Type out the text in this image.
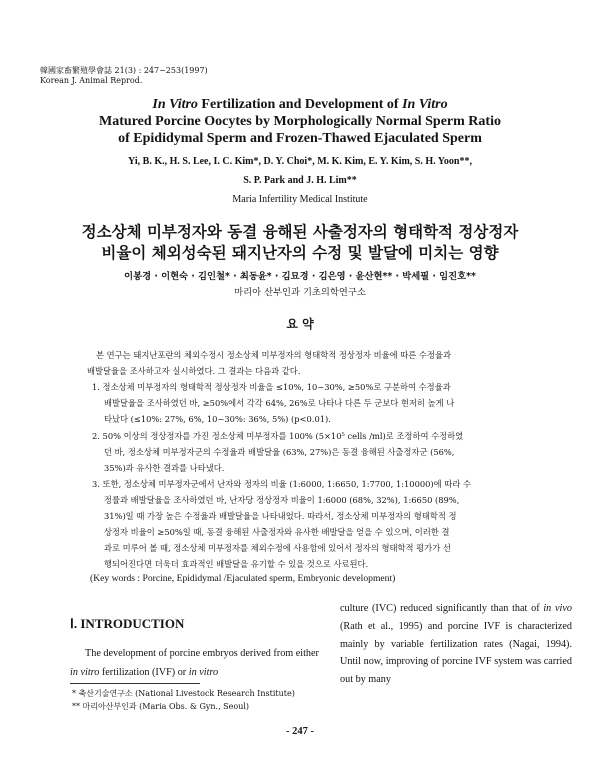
韓國家畜繁殖學會誌 21(3) : 247~253(1997)
Korean J. Animal Reprod.
In Vitro Fertilization and Development of In Vitro
Matured Porcine Oocytes by Morphologically Normal Sperm Ratio
of Epididymal Sperm and Frozen-Thawed Ejaculated Sperm
Yi, B. K., H. S. Lee, I. C. Kim*, D. Y. Choi*, M. K. Kim, E. Y. Kim, S. H. Yoon**,
S. P. Park and J. H. Lim**
Maria Infertility Medical Institute
정소상체 미부정자와 동결 융해된 사출정자의 형태학적 정상정자
비율이 체외성숙된 돼지난자의 수정 및 발달에 미치는 영향
이봉경 · 이현숙 · 김인철* · 최동윤* · 김묘경 · 김은영 · 윤산현** · 박세필 · 임진호**
마리아 산부인과 기초의학연구소
요 약
본 연구는 돼지난포란의 체외수정시 정소상체 미부정자의 형태학적 정상정자 비율에 따른 수정율과
배발달율을 조사하고자 실시하였다. 그 결과는 다음과 같다.
1. 정소상체 미부정자의 형태학적 정상정자 비율을 ≤10%, 10~30%, ≥50%로 구분하여 수정율과
배발달율을 조사하였던 바, ≥50%에서 각각 64%, 26%로 나타나 다른 두 군보다 현저히 높게 나
타났다 (≤10%: 27%, 6%, 10~30%: 36%, 5%) (p<0.01).
2. 50% 이상의 정상정자를 가진 정소상체 미부정자를 100% (5×10⁵ cells /ml)로 조정하여 수정하였
던 바, 정소상체 미부정자군의 수정율과 배발달율 (63%, 27%)은 동결 융해된 사출정자군 (56%,
35%)과 유사한 결과를 나타냈다.
3. 또한, 정소상체 미부정자군에서 난자와 정자의 비율 (1:6000, 1:6650, 1:7700, 1:10000)에 따라 수
정률과 배발달율을 조사하였던 바, 난자당 정상정자 비율이 1:6000 (68%, 32%), 1:6650 (89%,
31%)일 때 가장 높은 수정율과 배발달율을 나타내었다. 따라서, 정소상체 미부정자의 형태학적 정
상정자 비율이 ≥50%일 때, 동결 융해된 사출정자와 유사한 배발달을 얻을 수 있으며, 이러한 결
과로 미루어 볼 때, 정소상체 미부정자를 체외수정에 사용함에 있어서 정자의 형태학적 평가가 선
행되어진다면 더욱더 효과적인 배발달을 유기할 수 있을 것으로 사료된다.
(Key words : Porcine, Epididymal /Ejaculated sperm, Embryonic development)
Ⅰ. INTRODUCTION

The development of porcine embryos derived from either in vitro fertilization (IVF) or in vitro

culture (IVC) reduced significantly than that of in vivo (Rath et al., 1995) and porcine IVF is characterized mainly by variable fertilization rates (Nagai, 1994). Until now, improving of porcine IVF system was carried out by many

* 축산기술연구소 (National Livestock Research Institute)
** 마리아산부인과 (Maria Obs. & Gyn., Seoul)
- 247 -
